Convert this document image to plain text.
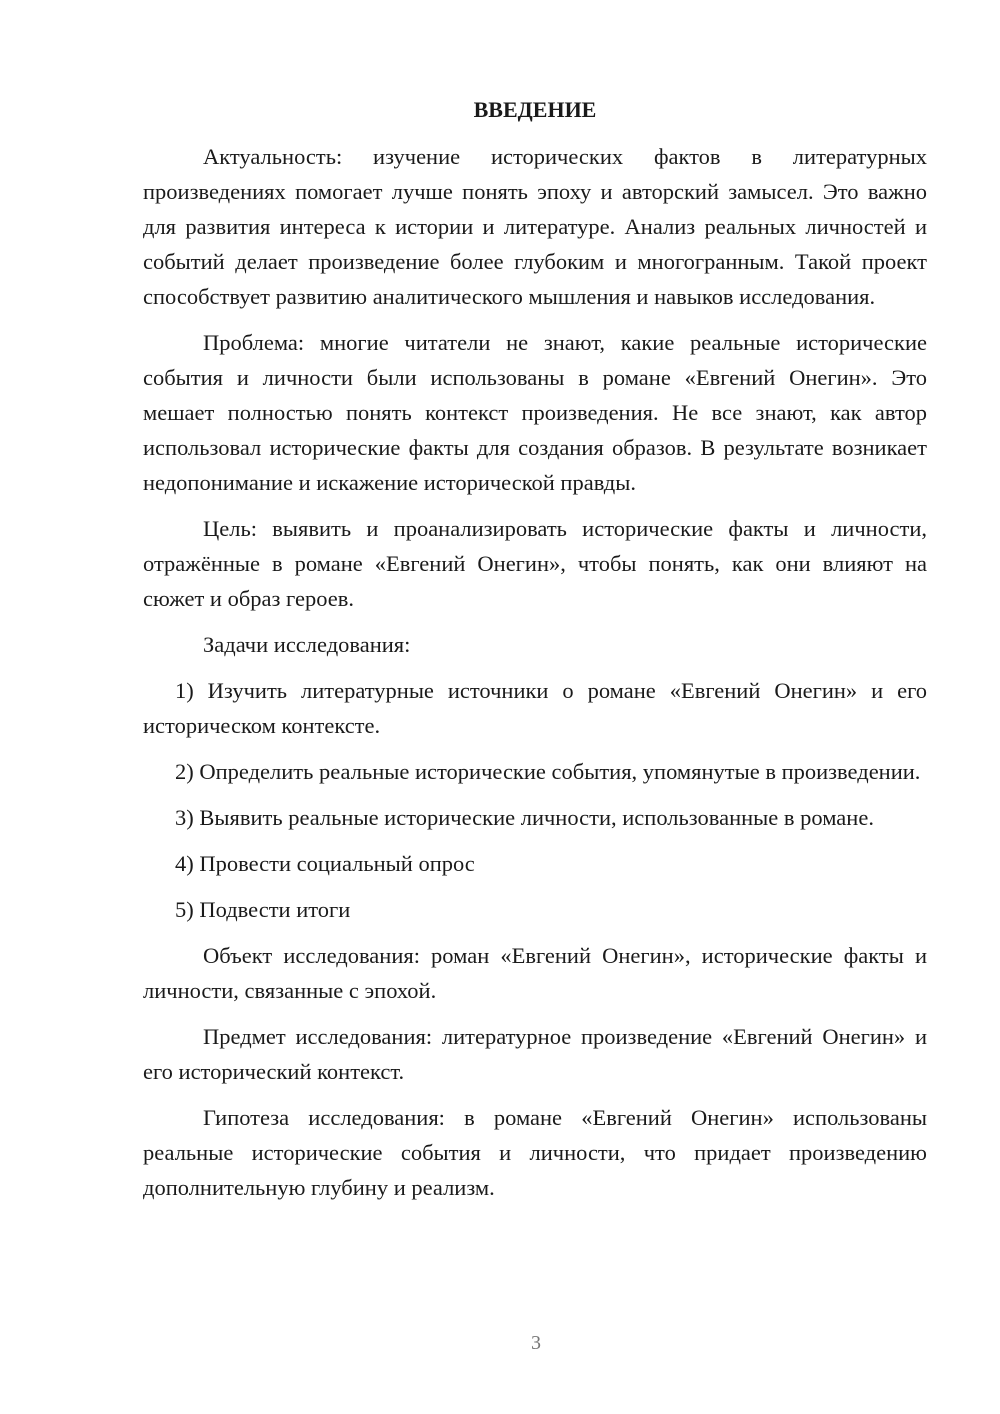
ВВЕДЕНИЕ

Актуальность: изучение исторических фактов в литературных произведениях помогает лучше понять эпоху и авторский замысел. Это важно для развития интереса к истории и литературе. Анализ реальных личностей и событий делает произведение более глубоким и многогранным. Такой проект способствует развитию аналитического мышления и навыков исследования.

Проблема: многие читатели не знают, какие реальные исторические события и личности были использованы в романе «Евгений Онегин». Это мешает полностью понять контекст произведения. Не все знают, как автор использовал исторические факты для создания образов. В результате возникает недопонимание и искажение исторической правды.

Цель: выявить и проанализировать исторические факты и личности, отражённые в романе «Евгений Онегин», чтобы понять, как они влияют на сюжет и образ героев.

Задачи исследования:

1) Изучить литературные источники о романе «Евгений Онегин» и его историческом контексте.

2) Определить реальные исторические события, упомянутые в произведении.

3) Выявить реальные исторические личности, использованные в романе.

4) Провести социальный опрос

5) Подвести итоги

Объект исследования: роман «Евгений Онегин», исторические факты и личности, связанные с эпохой.

Предмет исследования: литературное произведение «Евгений Онегин» и его исторический контекст.

Гипотеза исследования: в романе «Евгений Онегин» использованы реальные исторические события и личности, что придает произведению дополнительную глубину и реализм.

3
